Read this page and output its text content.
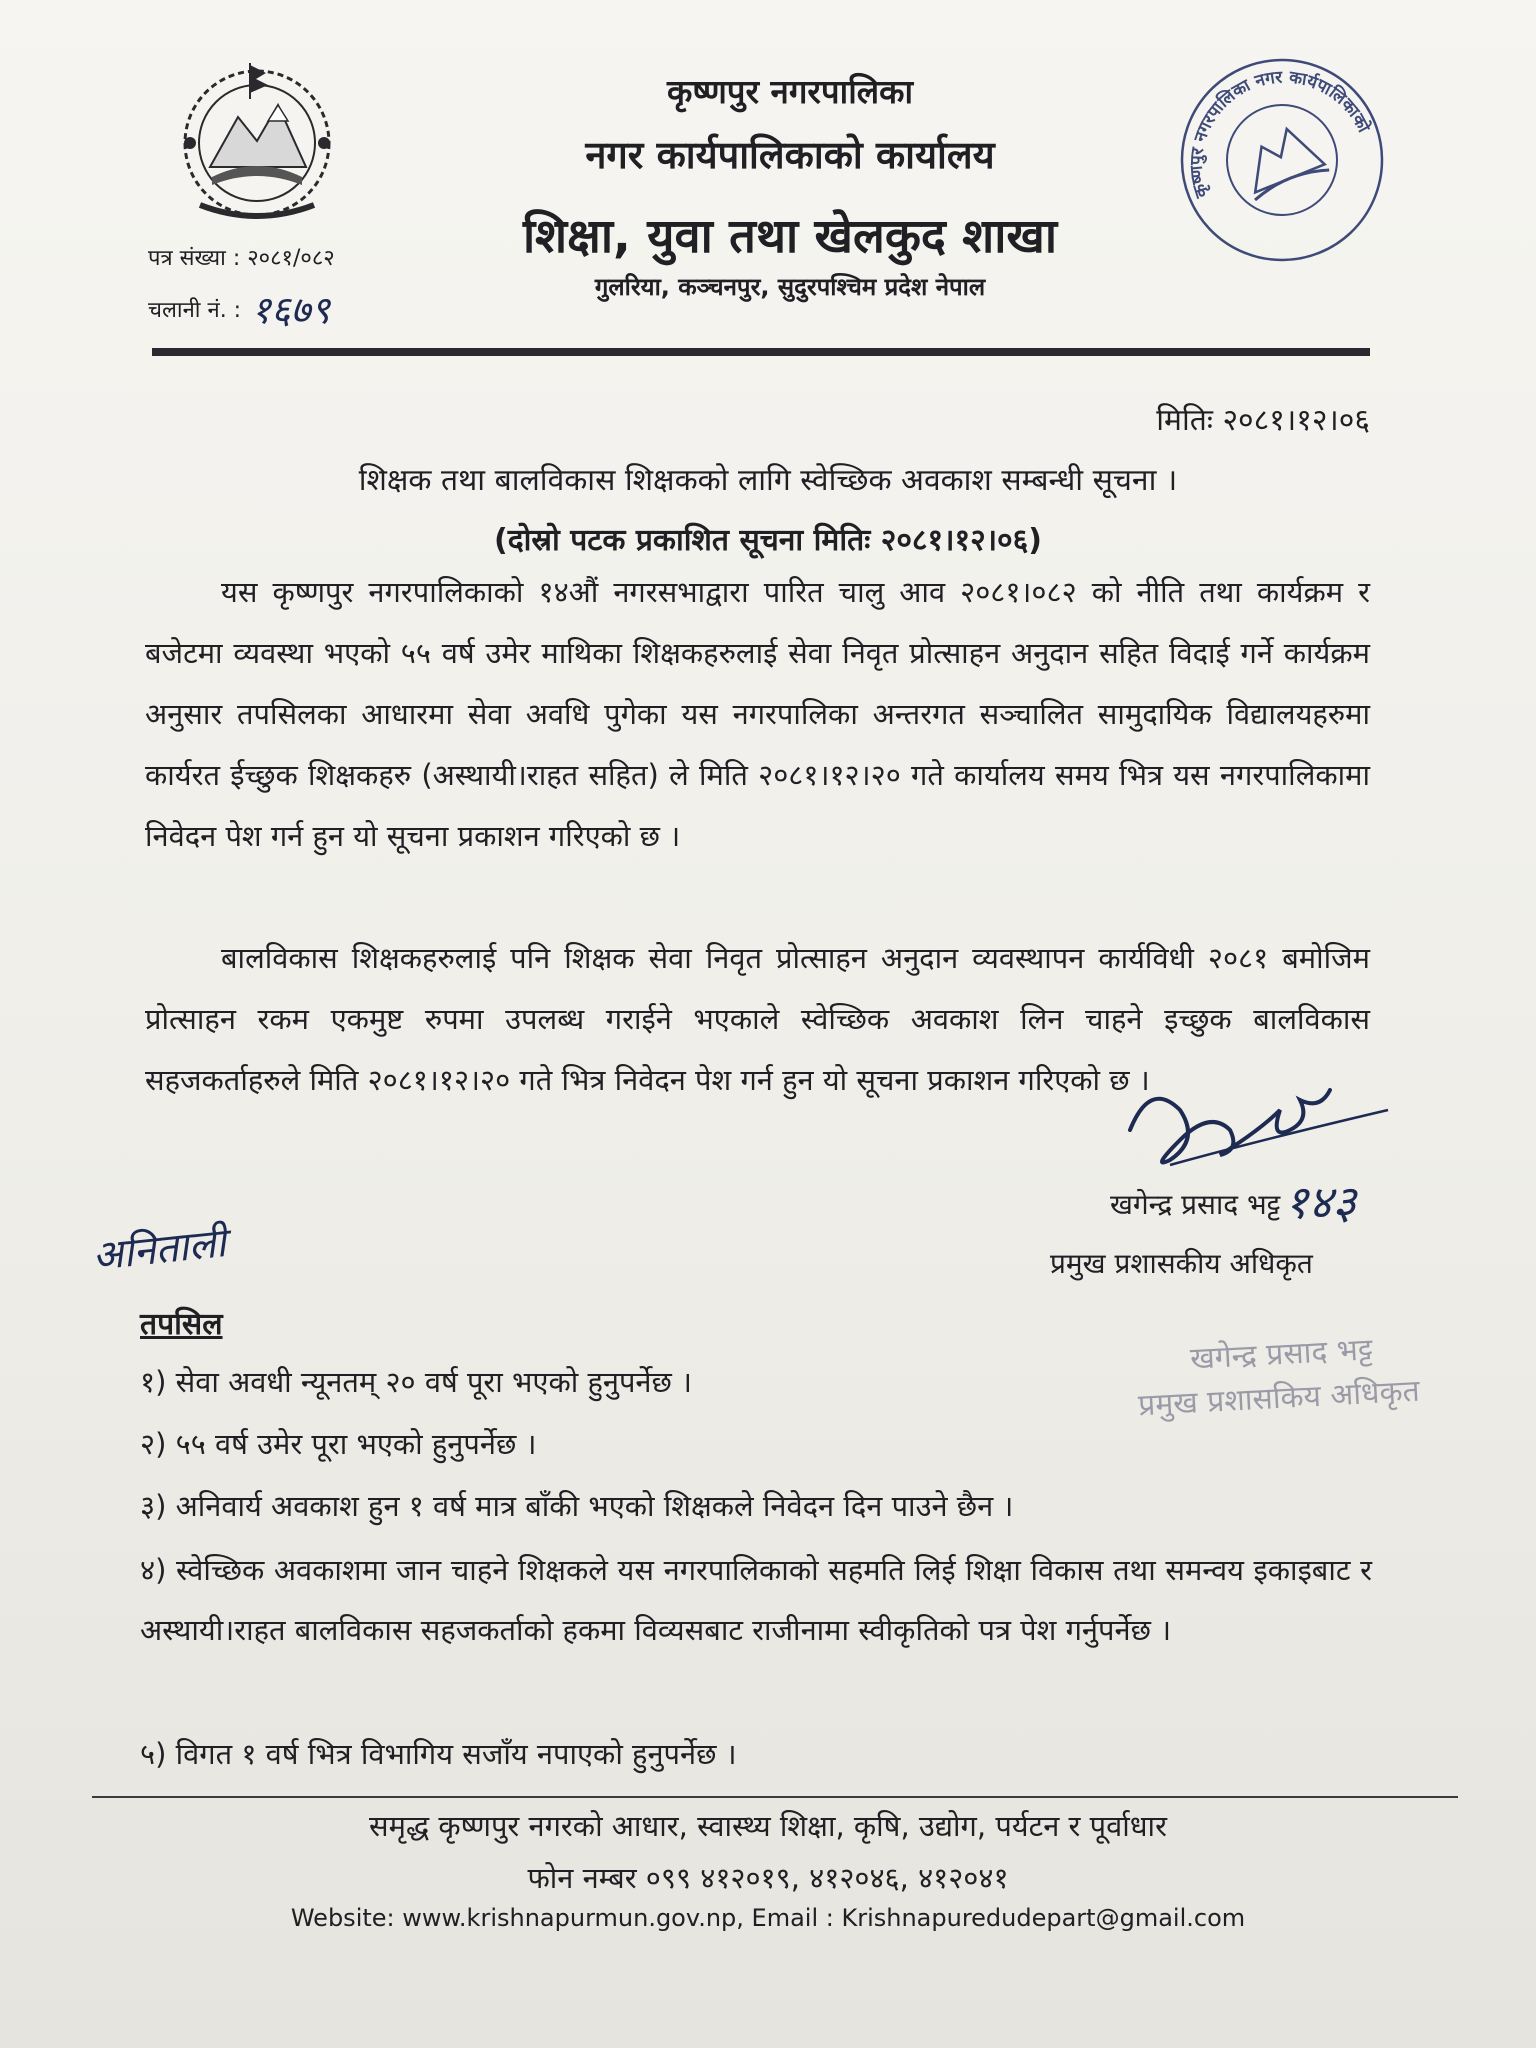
कृष्णपुर नगरपालिका
नगर कार्यपालिकाको कार्यालय
शिक्षा, युवा तथा खेलकुद शाखा
गुलरिया, कञ्चनपुर, सुदुरपश्चिम प्रदेश नेपाल
कृष्णपुर नगरपालिका नगर कार्यपालिकाको
पत्र संख्या : २०८१/०८२
चलानी नं. : १६७९
मितिः २०८१।१२।०६
शिक्षक तथा बालविकास शिक्षकको लागि स्वेच्छिक अवकाश सम्बन्धी सूचना ।
(दोस्रो पटक प्रकाशित सूचना मितिः २०८१।१२।०६)
यस कृष्णपुर नगरपालिकाको १४औं नगरसभाद्वारा पारित चालु आव २०८१।०८२ को नीति तथा कार्यक्रम र बजेटमा व्यवस्था भएको ५५ वर्ष उमेर माथिका शिक्षकहरुलाई सेवा निवृत प्रोत्साहन अनुदान सहित विदाई गर्ने कार्यक्रम अनुसार तपसिलका आधारमा सेवा अवधि पुगेका यस नगरपालिका अन्तरगत सञ्चालित सामुदायिक विद्यालयहरुमा कार्यरत ईच्छुक शिक्षकहरु (अस्थायी।राहत सहित) ले मिति २०८१।१२।२० गते कार्यालय समय भित्र यस नगरपालिकामा निवेदन पेश गर्न हुन यो सूचना प्रकाशन गरिएको छ ।
बालविकास शिक्षकहरुलाई पनि शिक्षक सेवा निवृत प्रोत्साहन अनुदान व्यवस्थापन कार्यविधी २०८१ बमोजिम प्रोत्साहन रकम एकमुष्ट रुपमा उपलब्ध गराईने भएकाले स्वेच्छिक अवकाश लिन चाहने इच्छुक बालविकास सहजकर्ताहरुले मिति २०८१।१२।२० गते भित्र निवेदन पेश गर्न हुन यो सूचना प्रकाशन गरिएको छ ।
खगेन्द्र प्रसाद भट्ट१४३
प्रमुख प्रशासकीय अधिकृत
अनिताली
खगेन्द्र प्रसाद भट्ट
प्रमुख प्रशासकिय अधिकृत
तपसिल
१) सेवा अवधी न्यूनतम् २० वर्ष पूरा भएको हुनुपर्नेछ ।
२) ५५ वर्ष उमेर पूरा भएको हुनुपर्नेछ ।
३) अनिवार्य अवकाश हुन १ वर्ष मात्र बाँकी भएको शिक्षकले निवेदन दिन पाउने छैन ।
४) स्वेच्छिक अवकाशमा जान चाहने शिक्षकले यस नगरपालिकाको सहमति लिई शिक्षा विकास तथा समन्वय इकाइबाट र अस्थायी।राहत बालविकास सहजकर्ताको हकमा विव्यसबाट राजीनामा स्वीकृतिको पत्र पेश गर्नुपर्नेछ ।
५) विगत १ वर्ष भित्र विभागिय सजाँय नपाएको हुनुपर्नेछ ।
समृद्ध कृष्णपुर नगरको आधार, स्वास्थ्य शिक्षा, कृषि, उद्योग, पर्यटन र पूर्वाधार
फोन नम्बर ०९९ ४१२०१९, ४१२०४६, ४१२०४१
Website: www.krishnapurmun.gov.np, Email : Krishnapuredudepart@gmail.com
